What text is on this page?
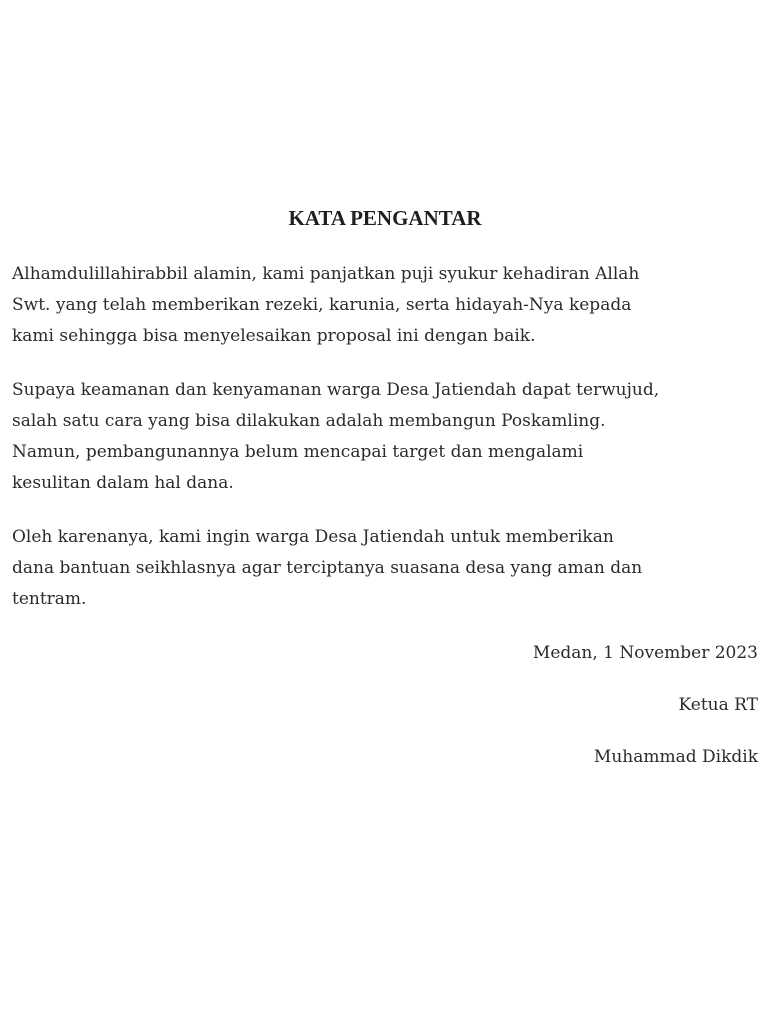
KATA PENGANTAR

Alhamdulillahirabbil alamin, kami panjatkan puji syukur kehadiran Allah
Swt. yang telah memberikan rezeki, karunia, serta hidayah-Nya kepada
kami sehingga bisa menyelesaikan proposal ini dengan baik.

Supaya keamanan dan kenyamanan warga Desa Jatiendah dapat terwujud,
salah satu cara yang bisa dilakukan adalah membangun Poskamling.
Namun, pembangunannya belum mencapai target dan mengalami
kesulitan dalam hal dana.

Oleh karenanya, kami ingin warga Desa Jatiendah untuk memberikan
dana bantuan seikhlasnya agar terciptanya suasana desa yang aman dan
tentram.

Medan, 1 November 2023

Ketua RT

Muhammad Dikdik
